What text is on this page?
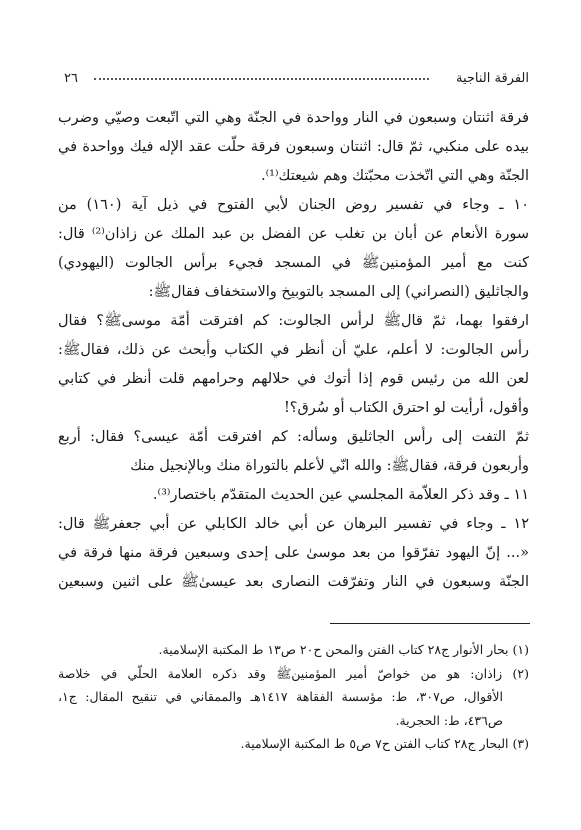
الفرقة الناجية
٢٦
فرقة اثنتان وسبعون في النار وواحدة في الجنّة وهي التي اتّبعت وصيّي وضرب
بيده على منكبي، ثمّ قال: اثنتان وسبعون فرقة حلّت عقد الإله فيك وواحدة في
الجنّة وهي التي اتّخذت محبّتك وهم شيعتك⁽¹⁾.
١٠ ـ وجاء في تفسير روض الجنان لأبي الفتوح في ذيل آية (١٦٠) من
سورة الأنعام عن أبان بن تغلب عن الفضل بن عبد الملك عن زاذان⁽²⁾ قال:
كنت مع أمير المؤمنينﷺ في المسجد فجيء برأس الجالوت (اليهودي)
والجاثليق (النصراني) إلى المسجد بالتوبيخ والاستخفاف فقالﷺ:
ارفقوا بهما، ثمّ قالﷺ لرأس الجالوت: كم افترقت أمّة موسىﷺ؟ فقال
رأس الجالوت: لا أعلم، عليّ أن أنظر في الكتاب وأبحث عن ذلك، فقالﷺ:
لعن الله من رئيس قوم إذا أتوك في حلالهم وحرامهم قلت أنظر في كتابي
وأقول، أرأيت لو احترق الكتاب أو سُرق؟!
ثمّ التفت إلى رأس الجاثليق وسأله: كم افترقت أمّة عيسى؟ فقال: أربع
وأربعون فرقة، فقالﷺ: والله انّي لأعلم بالتوراة منك وبالإنجيل منك
١١ ـ وقد ذكر العلاّمة المجلسي عين الحديث المتقدّم باختصار⁽³⁾.
١٢ ـ وجاء في تفسير البرهان عن أبي خالد الكابلي عن أبي جعفرﷺ قال:
«... إنّ اليهود تفرّقوا من بعد موسىٰ على إحدى وسبعين فرقة منها فرقة في
الجنّة وسبعون في النار وتفرّقت النصارى بعد عيسىٰﷺ على اثنين وسبعين
(١) بحار الأنوار ج٢٨ كتاب الفتن والمحن ح٢٠ ص١٣ ط المكتبة الإسلامية.
(٢) زاذان: هو من خواصّ أمير المؤمنينﷺ وقد ذكره العلامة الحلّي في خلاصة
الأقوال، ص٣٠٧، ط: مؤسسة الفقاهة ١٤١٧هـ والممقاني في تنقيح المقال: ج١،
ص٤٣٦، ط: الحجرية.
(٣) البحار ج٢٨ كتاب الفتن ح٧ ص٥ ط المكتبة الإسلامية.
